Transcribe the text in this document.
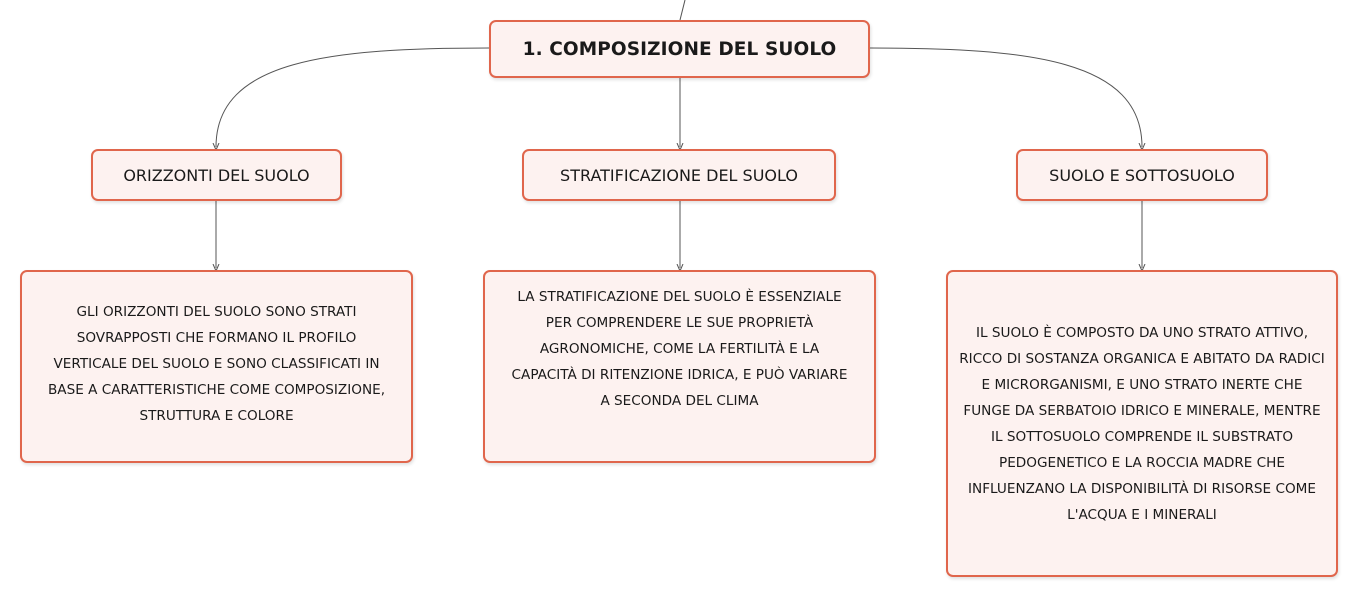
1. COMPOSIZIONE DEL SUOLO
ORIZZONTI DEL SUOLO	STRATIFICAZIONE DEL SUOLO	SUOLO E SOTTOSUOLO
GLI ORIZZONTI DEL SUOLO SONO STRATI SOVRAPPOSTI CHE FORMANO IL PROFILO VERTICALE DEL SUOLO E SONO CLASSIFICATI IN BASE A CARATTERISTICHE COME COMPOSIZIONE, STRUTTURA E COLORE
LA STRATIFICAZIONE DEL SUOLO È ESSENZIALE PER COMPRENDERE LE SUE PROPRIETÀ AGRONOMICHE, COME LA FERTILITÀ E LA CAPACITÀ DI RITENZIONE IDRICA, E PUÒ VARIARE A SECONDA DEL CLIMA
IL SUOLO È COMPOSTO DA UNO STRATO ATTIVO, RICCO DI SOSTANZA ORGANICA E ABITATO DA RADICI E MICRORGANISMI, E UNO STRATO INERTE CHE FUNGE DA SERBATOIO IDRICO E MINERALE, MENTRE IL SOTTOSUOLO COMPRENDE IL SUBSTRATO PEDOGENETICO E LA ROCCIA MADRE CHE INFLUENZANO LA DISPONIBILITÀ DI RISORSE COME L'ACQUA E I MINERALI
